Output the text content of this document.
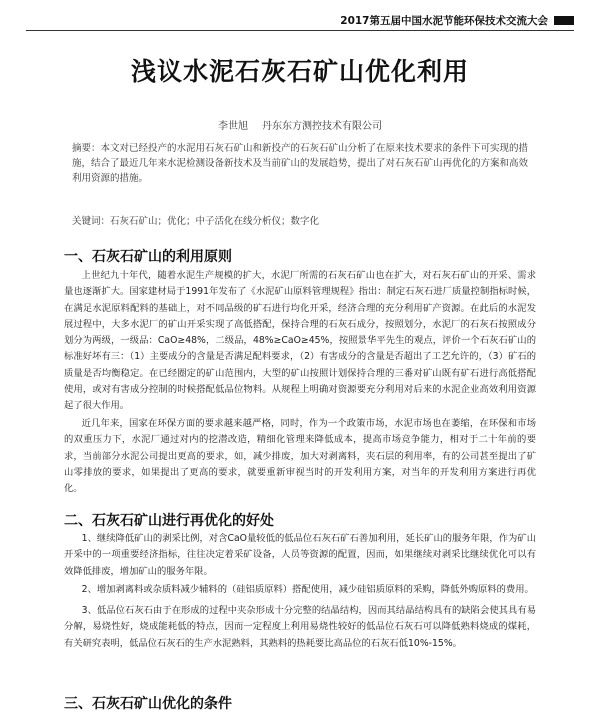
2017第五届中国水泥节能环保技术交流大会
浅议水泥石灰石矿山优化利用
李世旭 丹东东方测控技术有限公司
摘要：本文对已经投产的水泥用石灰石矿山和新投产的石灰石矿山分析了在原来技术要求的条件下可实现的措施，结合了最近几年来水泥检测设备新技术及当前矿山的发展趋势，提出了对石灰石矿山再优化的方案和高效利用资源的措施。
关键词：石灰石矿山；优化；中子活化在线分析仪；数字化
一、石灰石矿山的利用原则

上世纪九十年代，随着水泥生产规模的扩大，水泥厂所需的石灰石矿山也在扩大，对石灰石矿山的开采、需求量也逐渐扩大。国家建材局于1991年发布了《水泥矿山原料管理规程》指出：制定石灰石进厂质量控制指标时候，在满足水泥原料配料的基础上，对不同品级的矿石进行均化开采，经济合理的充分利用矿产资源。在此后的水泥发展过程中，大多水泥厂的矿山开采实现了高低搭配，保持合理的石灰石成分，按照划分，水泥厂的石灰石按照成分划分为两级，一级品：CaO≥48%，二级品，48%≥CaO≥45%，按照景华平先生的观点，评价一个石灰石矿山的标准好坏有三：（1）主要成分的含量是否满足配料要求，（2）有害成分的含量是否超出了工艺允许的，（3）矿石的质量是否均衡稳定。在已经圈定的矿山范围内，大型的矿山按照计划保持合理的三番对矿山既有矿石进行高低搭配使用，或对有害成分控制的时候搭配低品位物料。从规程上明确对资源要充分利用对后来的水泥企业高效利用资源起了很大作用。

近几年来，国家在环保方面的要求越来越严格，同时，作为一个政策市场，水泥市场也在萎缩，在环保和市场的双重压力下，水泥厂通过对内的挖潜改造，精细化管理来降低成本，提高市场竞争能力，相对于二十年前的要求，当前部分水泥公司提出更高的要求，如，减少排废，加大对剥离料，夹石层的利用率，有的公司甚至提出了矿山零排放的要求，如果提出了更高的要求，就要重新审视当时的开发利用方案，对当年的开发利用方案进行再优化。

二、石灰石矿山进行再优化的好处

1、继续降低矿山的剥采比例，对含CaO量较低的低品位石灰石矿石善加利用，延长矿山的服务年限，作为矿山开采中的一项重要经济指标，往往决定着采矿设备，人员等资源的配置，因而，如果继续对剥采比继续优化可以有效降低排废，增加矿山的服务年限。

2、增加剥离料或杂质料减少辅料的（硅铝质原料）搭配使用，减少硅铝质原料的采购，降低外购原料的费用。

3、低品位石灰石由于在形成的过程中夹杂形成十分完整的结晶结构，因而其结晶结构具有的缺陷会使其具有易分解，易烧性好，烧成能耗低的特点，因而一定程度上利用易烧性较好的低品位石灰石可以降低熟料烧成的煤耗，有关研究表明，低品位石灰石的生产水泥熟料，其熟料的热耗要比高品位的石灰石低10%-15%。

三、石灰石矿山优化的条件
